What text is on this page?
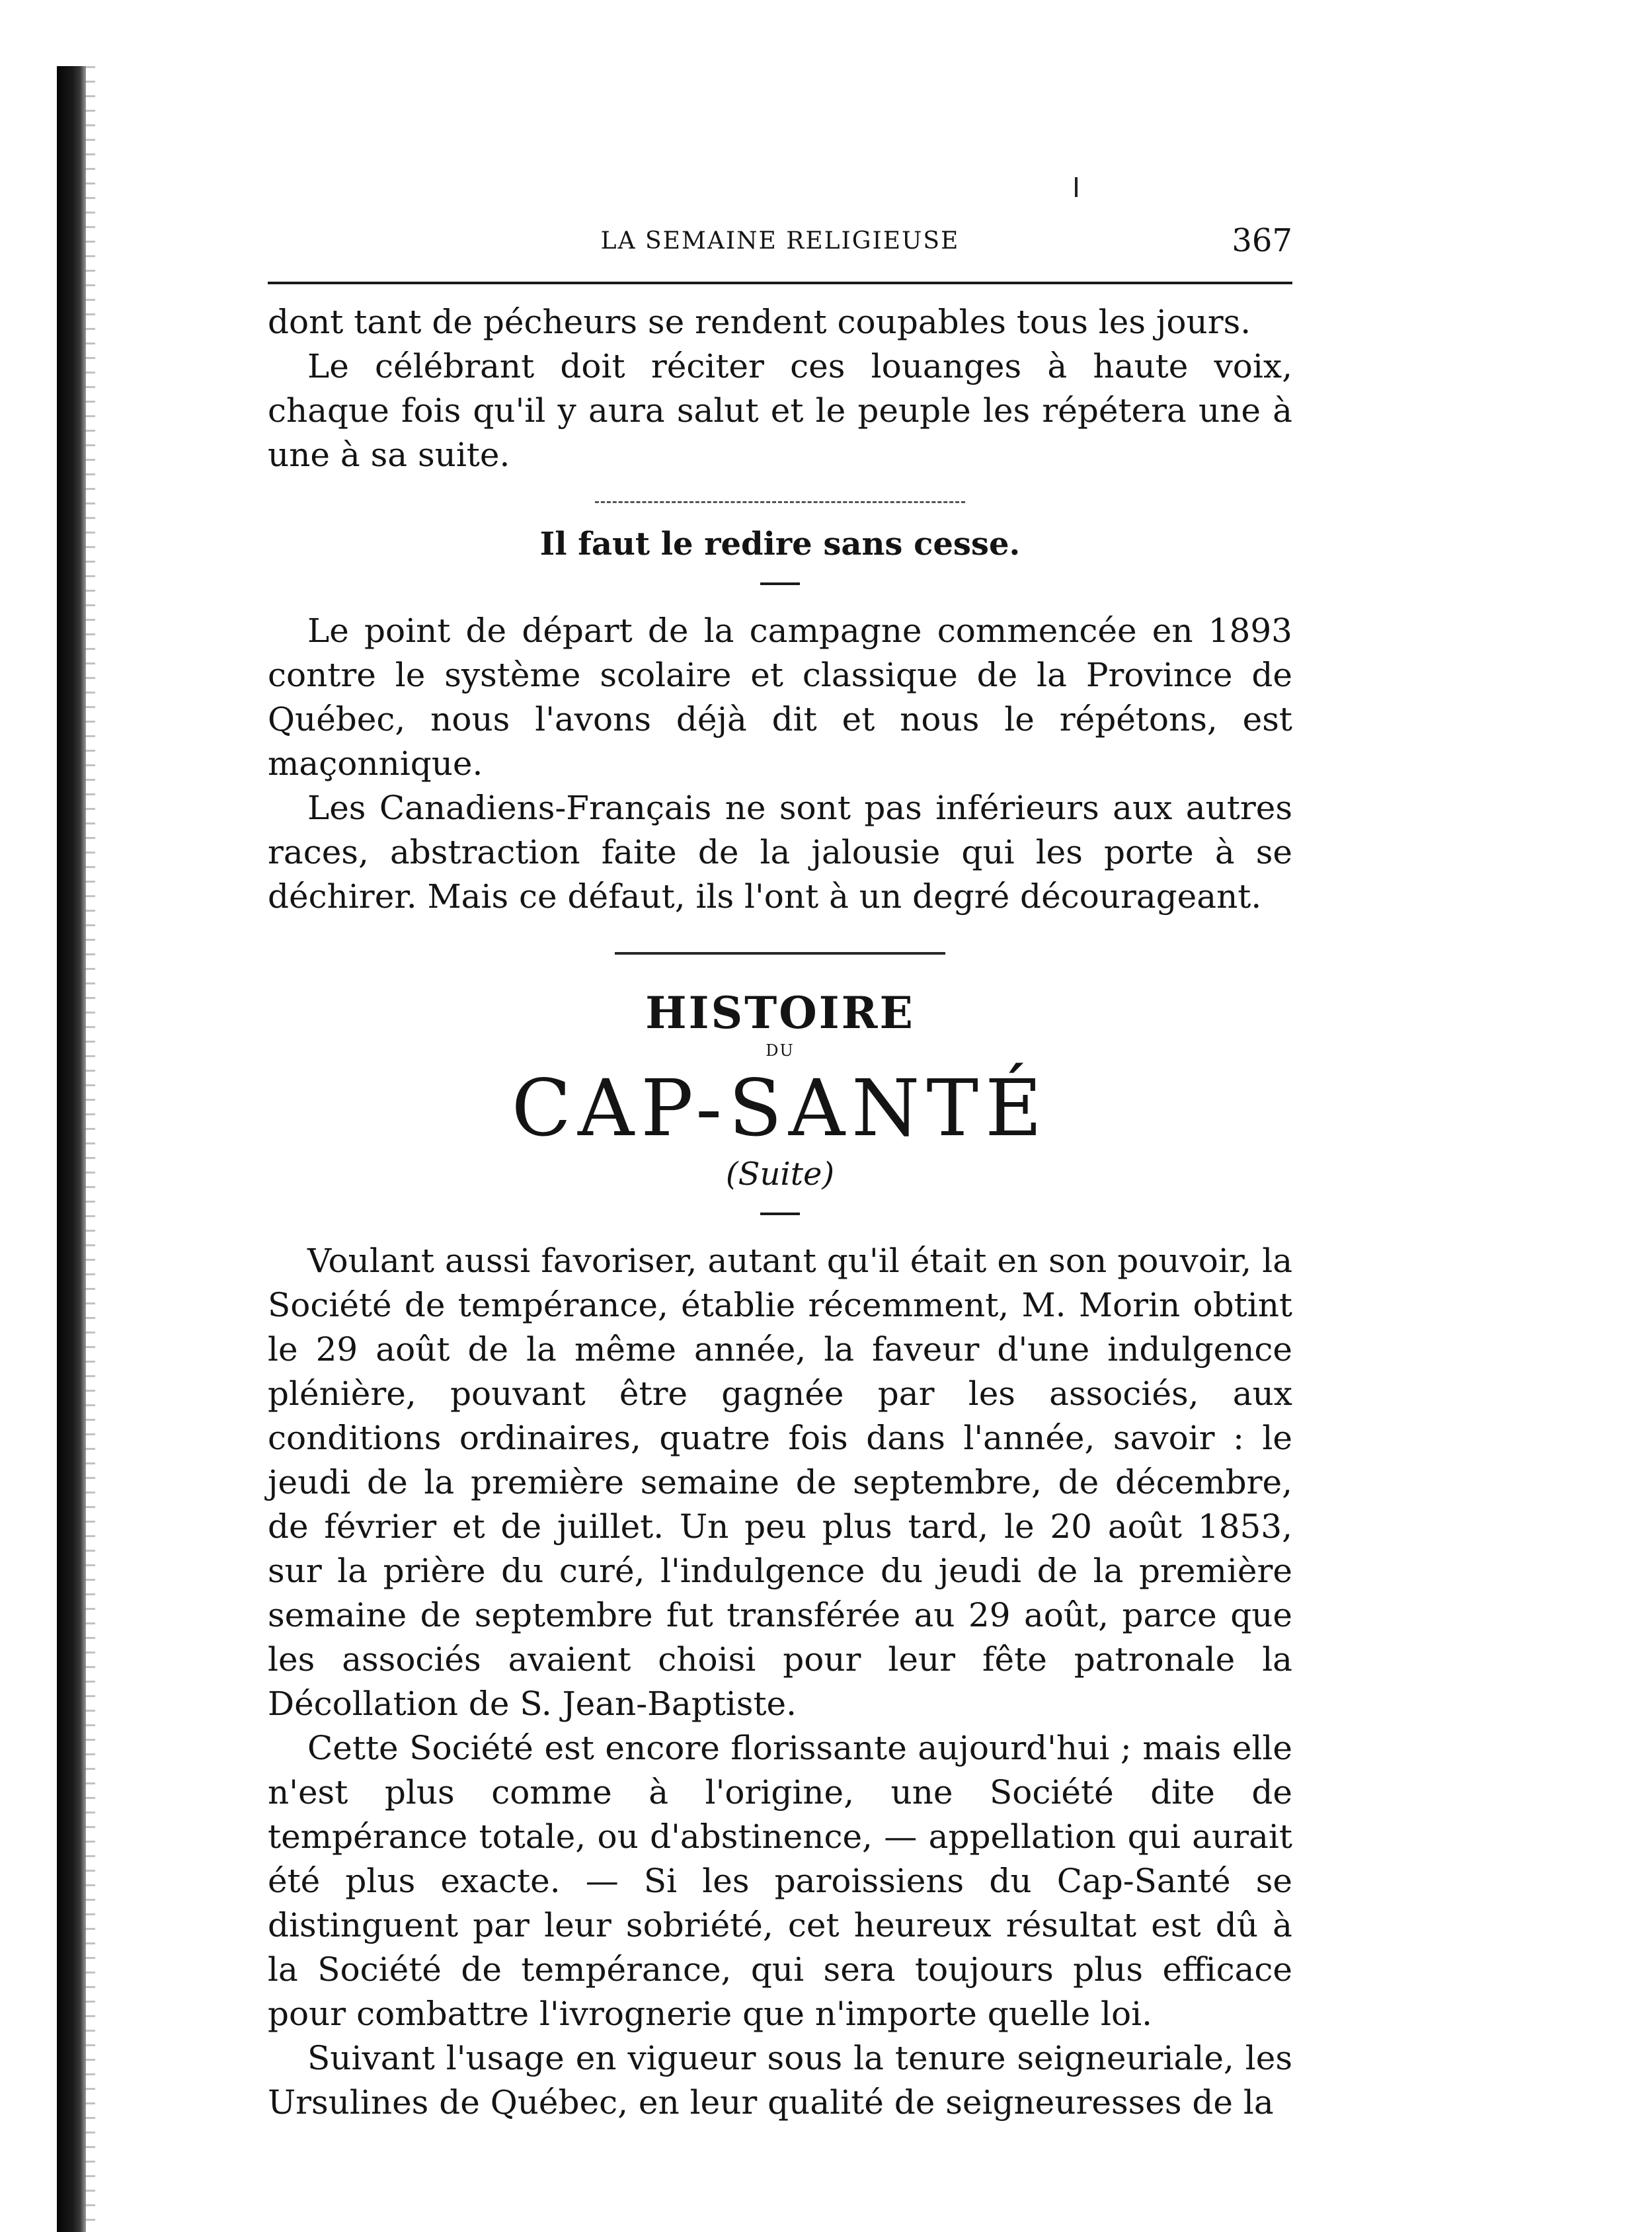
LA SEMAINE RELIGIEUSE	367

dont tant de pécheurs se rendent coupables tous les jours.

Le célébrant doit réciter ces louanges à haute voix, chaque fois qu'il y aura salut et le peuple les répétera une à une à sa suite.

Il faut le redire sans cesse.

Le point de départ de la campagne commencée en 1893 contre le système scolaire et classique de la Province de Québec, nous l'avons déjà dit et nous le répétons, est maçonnique.

Les Canadiens-Français ne sont pas inférieurs aux autres races, abstraction faite de la jalousie qui les porte à se déchirer. Mais ce défaut, ils l'ont à un degré décourageant.

HISTOIRE
DU
CAP-SANTÉ
(Suite)

Voulant aussi favoriser, autant qu'il était en son pouvoir, la Société de tempérance, établie récemment, M. Morin obtint le 29 août de la même année, la faveur d'une indulgence plénière, pouvant être gagnée par les associés, aux conditions ordinaires, quatre fois dans l'année, savoir : le jeudi de la première semaine de septembre, de décembre, de février et de juillet. Un peu plus tard, le 20 août 1853, sur la prière du curé, l'indulgence du jeudi de la première semaine de septembre fut transférée au 29 août, parce que les associés avaient choisi pour leur fête patronale la Décollation de S. Jean-Baptiste.

Cette Société est encore florissante aujourd'hui ; mais elle n'est plus comme à l'origine, une Société dite de tempérance totale, ou d'abstinence, — appellation qui aurait été plus exacte. — Si les paroissiens du Cap-Santé se distinguent par leur sobriété, cet heureux résultat est dû à la Société de tempérance, qui sera toujours plus efficace pour combattre l'ivrognerie que n'importe quelle loi.

Suivant l'usage en vigueur sous la tenure seigneuriale, les Ursulines de Québec, en leur qualité de seigneuresses de la
